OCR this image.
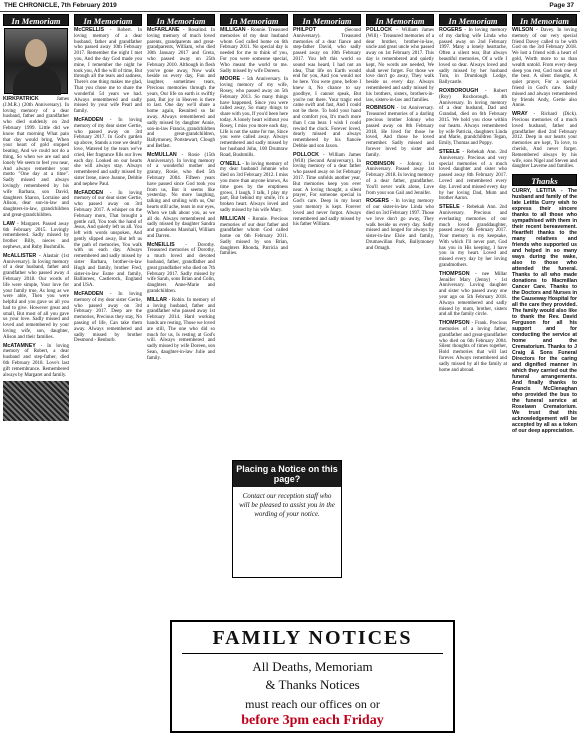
THE CHRONICLE, 7th February 2019	Page 37
In Memoriam
KIRKPATRICK	James (J.M.R.) (20th Anniversary). In loving memory of a dear husband, father and grandfather who died suddenly on 2nd February 1999. Little did we know that morning What pain that day would bring, When your heart of gold stopped beating, And we could not do a thing, So when we are sad and lonely We seem to feel you near, And always remember your motto "One day at a time". Sadly missed and always lovingly remembered by his wife Barbara, son David, daughters Sharon, Lorraine and Alison, dear son-in-law and daughters-in-law, grandchildren and great-grandchildren.
LAW - Margaret. Passed away 6th February 2015. Lovingly remembered. Sadly missed by brother Billy, nieces and nephews, and Ruby Bushmills.
McALLISTER - Alastair (1st Anniversary). In loving memory of a dear husband, father and grandfather who passed away 4 February 2018. Our words of life were simple, Your love for your family true, As long as we were able, Then you were helpful and you gave us all you had to give. However great and small, But most of all you gave us your love. Sadly missed and loved and remembered by your loving wife, son, daughter, Alison and their families.
McATAMNEY - In loving memory of Robert, a dear husband and step-father, died 6th February 2018. Love's last gift remembrance. Remembered always by Margaret and family.
In Memoriam
McCRELLIS - Robert. In loving memory of a dear husband, father and grandfather who passed away 10th February 2017. Remember the night I met you, And the day God made you mine, I remember the night he took you, All the will of time, But through all the tears and sadness, There's one thing makes me glad, That you chose me to share the wonderful 54 years we had. Always remembered and sadly missed by your wife Pearl and family.
McFADDEN - In loving memory of my dear sister Gertie, who passed away on 3rd February 2017. In God's garden up above, Stands a rose we dearly love, Watered by the tears we've cried, Her fragrance fills our lives each day. Looked on our hearts she will always stay. Always remembered and sadly missed by sister Irene, niece Joanne, Debbie and nephew Paul.
McFADDEN - In loving memory of our dear sister Gertie, who passed away on 3rd February 2017. A whisper on the February morn, That brought a gentle call, You took the hand of Jesus, And quietly left us all. You left with words unspoken, And gently slipped away, But left us the path of memories, You walk with us each day. Always remembered and sadly missed by sister Barbara, brother-in-law Hugh and family, brother Fred, sister-in-law Esme and family, Ballinrees, Castlerock, England and USA.
McFADDEN - In loving memory of my dear sister Gertie, who passed away on 3rd February 2017. Deep are the memories, Precious they stay, No passing of life, Can take them away. Always remembered and sadly missed by brother Desmond - Benburb.
In Memoriam
McFARLANE - Rosalind. In loving memory of much loved parents, grandparents and great-grandparents, William, who died 30th January 2017 and Greta, who passed away on 25th February 2010. Although in flesh you've gone away, Now walk beside us every day, Fun and laughter, sometimes tears, Precious memories through the years, Our life on earth is swiftly past, But joy in Heaven is there to last. One day we'll share a home again, Reunited so far away. Always remembered and sadly missed by daughter Annie, son-in-law Francis, grandchildren and great-grandchildren, Ballymoney, Portstewart, Clough and Belfast.
McMULLAN - Rosie (15th Anniversary). In loving memory of a wonderful mother and granny, Rosie, who died 5th February 2004. Fifteen years have passed since God took you from us, But it seems like yesterday. No more laughing, talking and smiling with us, Our hearts still ache, tears in our eyes, When we talk about you, as we all do. Always remembered and sadly missed by daughter Sandra and grandsons Marshall, William and Darren.
McNEILLIS - Dorothy. Treasured memories of Dorothy, a much loved and devoted husband, father, grandfather and great grandfather who died on 7th February 2017. Sadly missed by wife Sarah, sons Brian and Colin, daughters Anne-Marie and grandchildren.
MILLAR - Robin. In memory of a loving husband, father and grandfather who passed away 1st February 2014. Hard working hands are resting, Those we loved are still, The one who did so much for us, Is resting at God's will. Always remembered and sadly missed by wife Doreen, son Sean, daughter-in-law Julie and family.
In Memoriam
MILLIGAN - Ronnie. Treasured memories of my dear husband whom God called home on 6th February 2011. No special day is needed for me to think of you, For you were someone special, Who meant the world to me. Sadly missed by wife Doreen.
MOORE - 5th Anniversary. In loving memory of my wife, Rosey, who passed away on 5th February 2013. So many things have happened, Since you were called away, So many things to share with you, If you'd been here today. A lonely heart without you Rosey, I miss you more each day, Life is not the same for me, Since you were called away. Always remembered and sadly missed by her husband John, 100 Drumraw Road, Bushmills.
O'NEILL - In loving memory of my dear husband Johnnie who died on 3rd February 2012. I miss you more than anyone knows, As time goes by the emptiness grows, I laugh, I talk, I play my part, But behind my smile, it's a broken heart. Always loved and sadly missed by his wife Mary.
MILLICAN - Ronnie. Precious memories of our dear father and grandfather whom God called home on 6th February 2011. Sadly missed by son Brian, daughters Rhonda, Patricia and families.
In Memoriam
PHILPOT	(Second Anniversary). Treasured memories of a dear fiance and step-father David, who sadly passed away on 10th February 2017. You left this world so sound was heard, I had not an idea, That life on Earth would end for you, And you would not be here. You were gone, before I knew it, No chance to say goodbye, I cannot speak, But you're not there. Your tragic end came swift and fast, And I could not be there. To hold your hand and comfort you, It's much more than I can bear. I wish I could rewind the clock. Forever loved, dearly missed and always remembered by his fiancée Debbie and son Jaxon.
POLLOCK - William James (Will) (Second Anniversary). In loving memory of a dear father who passed away on 1st February 2017. Time unfolds another year, But memories keep you ever near. A loving thought, a silent prayer, For someone special in God's care. Deep in my heart your memory is kept. Forever loved and never forgot. Always remembered and sadly missed by his father William.
In Memoriam
POLLOCK - William James (Will) - Treasured memories of a dear brother, brother-in-law, uncle and great uncle who passed away on 1st February 2017. This day is remembered and quietly kept, No words are needed, We shall never forget. For those we love don't go away, They walk beside us every day. Always remembered and sadly missed by his brothers, sisters, brothers-in-law, sisters-in-law and families.
ROBINSON - 1st Anniversary. Treasured memories of a darling precious brother Johnny who passed away on 8th February 2018. He lived for those he loved, And those he loved remember. Sadly missed and forever loved by sister and family.
ROBINSON - Johnny. 1st Anniversary. Passed away 1st February 2018. In loving memory of a dear father, grandfather. You'll never walk alone, Love from your son Gail and Jennifer.
ROGERS - In loving memory of our sister-in-law Linda who died on 3rd February 1997. Those we love don't go away, They walk beside us every day. Sadly missed and longed for always by sister-in-law Elsie and family, Drumawillan Park, Ballymoney and Omagh.
In Memoriam
ROGERS - In loving memory of my darling wife Linda who passed away on 2nd February 1997. Many a lonely heartache, Often a silent tear, But always beautiful memories, Of a wife I loved so dear. Always loved and sadly missed by her husband Tom, in Drumlough Lodge, Ballycastle.
ROXBOROUGH - Robert (Roy) Roxborough. 4th Anniversary. In loving memory of a dear husband, Dad and Grandad, died on 6th February 2015. We hold you close within our hearts. Always remembered by wife Patricia, daughters Linda and Marie, grandchildren Tegan, Emily, Thomas and Poppy.
STEELE - Rebekah Ann. 2nd Anniversary. Precious and very special memories of a much loved daughter and sister who passed away 8th February 2017. Loved and remembered every day. Loved and missed every day by her loving Dad, Mum and brother Aaron.
STEELE - Rebekah Ann. 2nd Anniversary. Precious and everlasting memories of our much loved granddaughter, passed away 6th February 2017. Your memory is my keepsake, With which I'll never part, God has you in His keeping, I have you in my heart. Loved and missed every day by her loving grandmothers.
THOMPSON - nee Millar Jennifer Mary (Jenny) - 1st Anniversary. Loving daughter and sister who passed away one year ago on 5th February 2018. Always remembered and sadly missed by mum, brother, sisters and all the family circle.
THOMPSON - Frank. Precious memories of a loving father, grandfather and great-grandfather who died on 6th February 2004. Silent thoughts of times together, Hold memories that will last forever. Always remembered and sadly missed by all the family at home and abroad.
In Memoriam
WILSON - Davey. In loving memory of our very special friend Davey called to be with God on the 3rd February 2018. We lost a friend with a heart of gold, Worth more to us than wealth untold. From every deep sleep you rest, God took one of the best. A silent thought, A quiet prayer, For a special friend in God's care. Sadly missed and always remembered by friends Andy, Gertie also Annie.
WRAY - Richard (Dick). Precious memories of a much loved husband, father and grandfather died 2nd February 2012. Deep in our hearts your memories are kept, To love, to cherish, And never forget. Remembered always by his wife, sons Nigel and Steven and daughter Laverne and families.
Thanks
CURRY, LETITIA - The husband and family of the late Letitia Curry wish to express their sincere thanks to all those who sympathised with them in their recent bereavement. Heartfelt thanks to the many relatives and friends who supported us and helped in so many ways during the wake, also to those who attended the funeral. Thanks to all who made donations to Macmillan Cancer Care. Thanks to the Doctors and Nurses in the Causeway Hospital for all the care they provided. The family would also like to thank the Rev. David Ferguson for all his support and for conducting the service at home and the Crematorium. Thanks to J Craig & Sons Funeral Directors for the caring and dignified manner in which they carried out the funeral arrangements. And finally thanks to Francis McClenaghan who provided the bus to the funeral service at Roselawn Crematorium. We trust that this acknowledgement will be accepted by all as a token of our deep appreciation.
Placing a Notice on this page?
Contact our reception staff who will be pleased to assist you in the wording of your notice.
FAMILY NOTICES
All Deaths, Memoriam
& Thanks Notices
must reach our offices on or
before 3pm each Friday
